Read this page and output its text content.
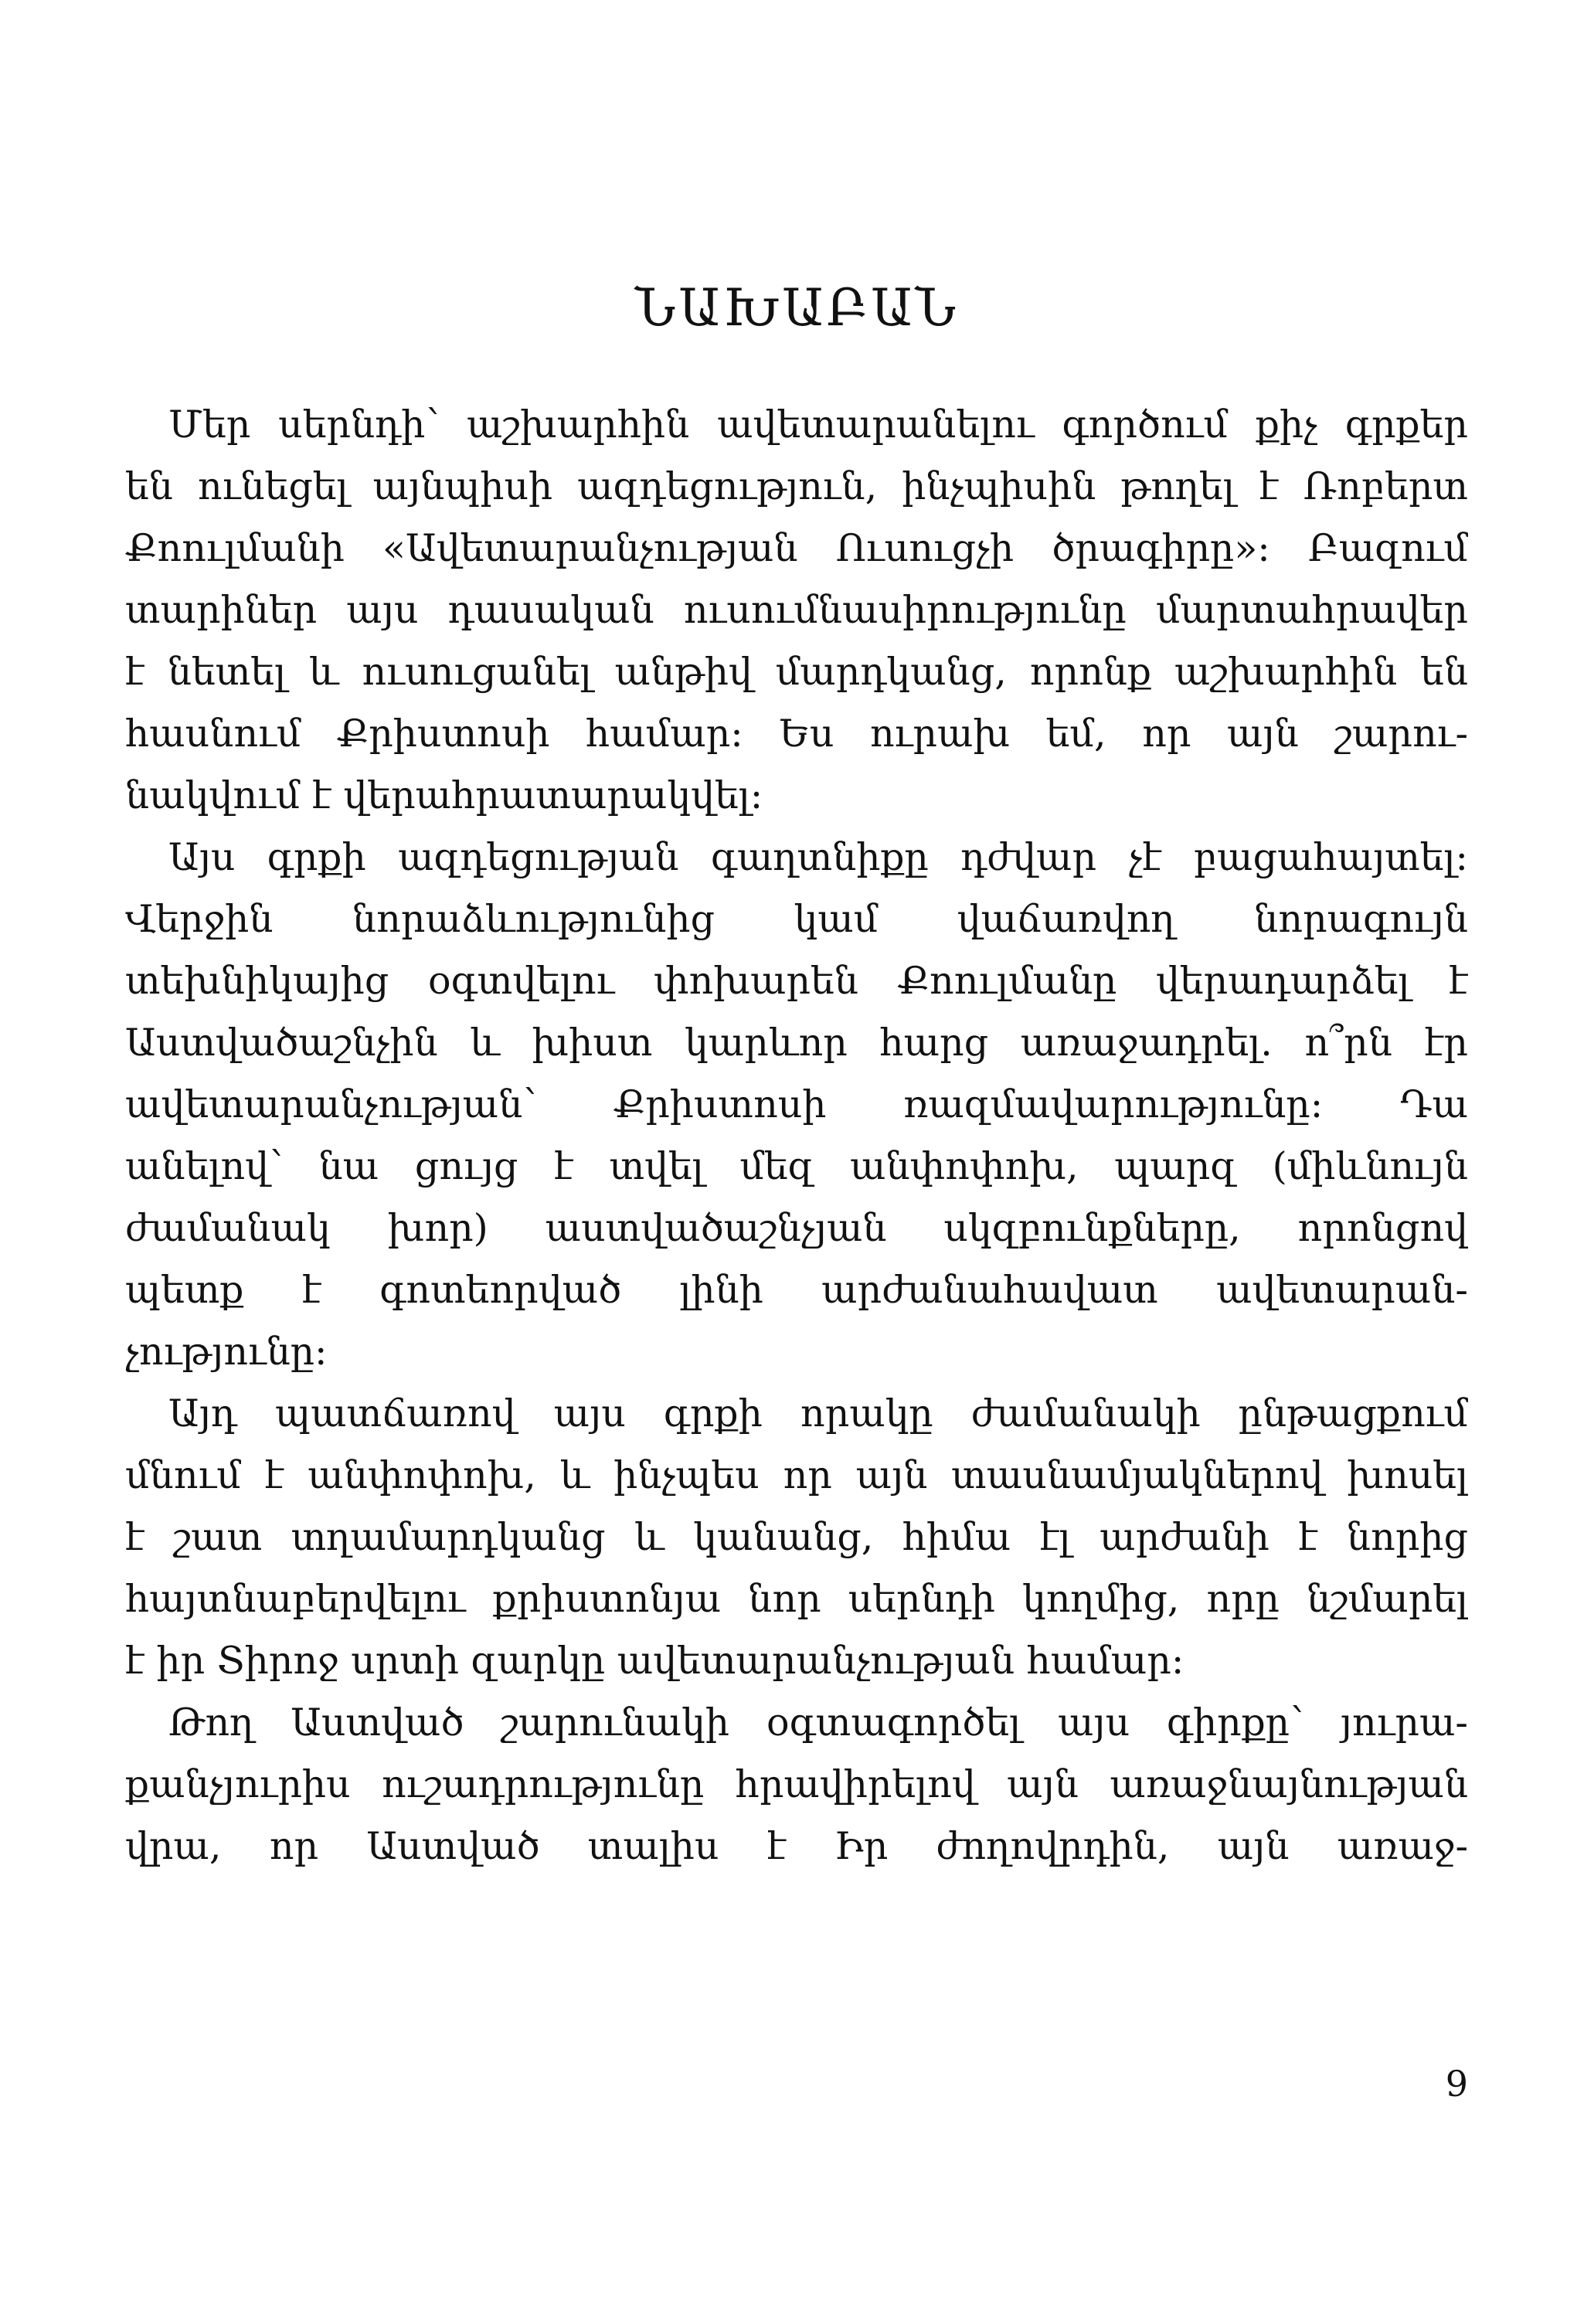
ՆԱԽԱԲԱՆ
Մեր սերնդի՝ աշխարհին ավետարանելու գործում քիչ գրքեր
են ունեցել այնպիսի ազդեցություն, ինչպիսին թողել է Ռոբերտ
Քոուլմանի «Ավետարանչության Ուսուցչի ծրագիրը»: Բազում
տարիներ այս դասական ուսումնասիրությունը մարտահրավեր
է նետել և ուսուցանել անթիվ մարդկանց, որոնք աշխարհին են
հասնում Քրիստոսի համար: Ես ուրախ եմ, որ այն շարու-
նակվում է վերահրատարակվել:
Այս գրքի ազդեցության գաղտնիքը դժվար չէ բացահայտել:
Վերջին նորաձևությունից կամ վաճառվող նորագույն
տեխնիկայից օգտվելու փոխարեն Քոուլմանը վերադարձել է
Աստվածաշնչին և խիստ կարևոր հարց առաջադրել. ո՞րն էր
ավետարանչության՝ Քրիստոսի ռազմավարությունը: Դա
անելով՝ նա ցույց է տվել մեզ անփոփոխ, պարզ (միևնույն
ժամանակ խոր) աստվածաշնչյան սկզբունքները, որոնցով
պետք է գոտեորված լինի արժանահավատ ավետարան-
չությունը:
Այդ պատճառով այս գրքի որակը ժամանակի ընթացքում
մնում է անփոփոխ, և ինչպես որ այն տասնամյակներով խոսել
է շատ տղամարդկանց և կանանց, հիմա էլ արժանի է նորից
հայտնաբերվելու քրիստոնյա նոր սերնդի կողմից, որը նշմարել
է իր Տիրոջ սրտի զարկը ավետարանչության համար:
Թող Աստված շարունակի օգտագործել այս գիրքը՝ յուրա-
քանչյուրիս ուշադրությունը հրավիրելով այն առաջնայնության
վրա, որ Աստված տալիս է Իր ժողովրդին, այն առաջ-
9
